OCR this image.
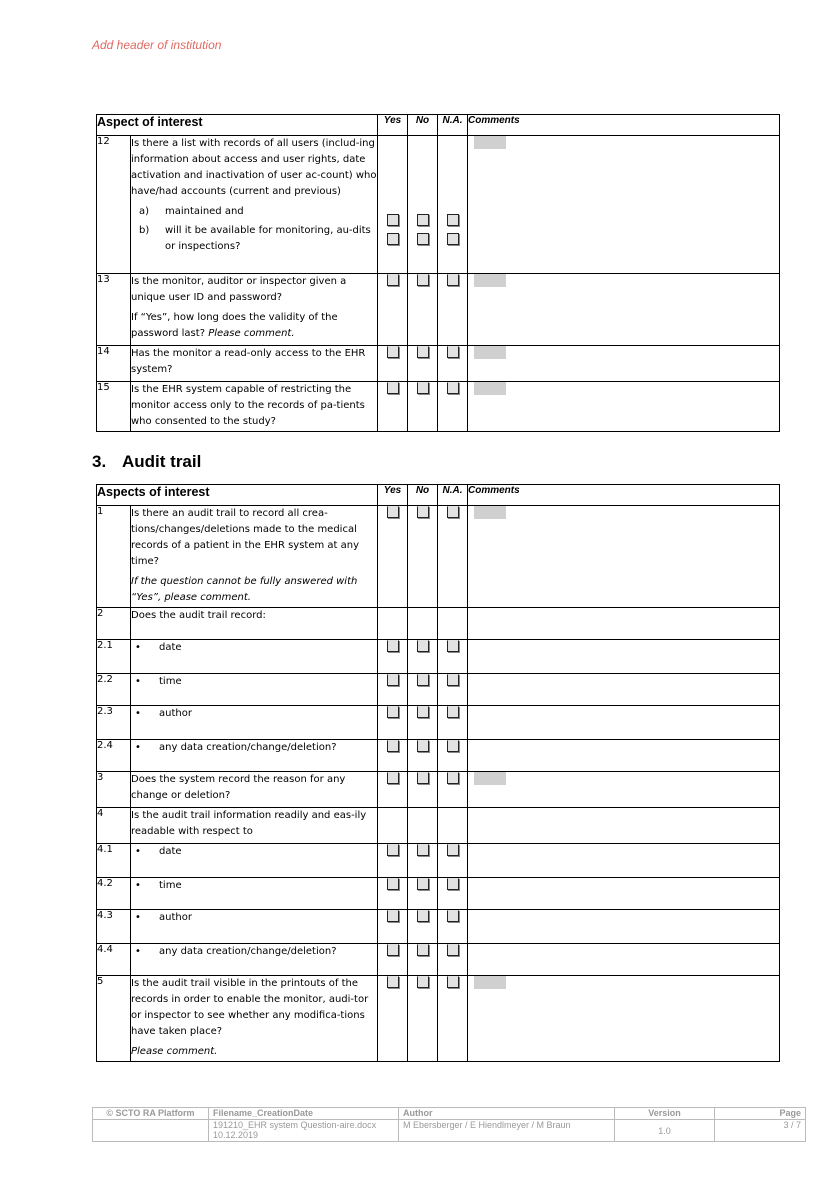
Add header of institution
Aspect of interest		Yes	No	N.A.	Comments
12	Is there a list with records of all users (includ-ing information about access and user rights, date activation and inactivation of user ac-count) who have/had accounts (current and previous)

a) maintained and
b) will it be available for monitoring, au-dits or inspections?				

13	Is the monitor, auditor or inspector given a unique user ID and password?

If “Yes”, how long does the validity of the password last? Please comment.				

14	Has the monitor a read-only access to the EHR system?	

15	Is the EHR system capable of restricting the monitor access only to the records of pa-tients who consented to the study?	

3. Audit trail
Aspects of interest		Yes	No	N.A.	Comments
1	Is there an audit trail to record all crea-tions/changes/deletions made to the medical records of a patient in the EHR system at any time?

If the question cannot be fully answered with “Yes”, please comment.				

2	Does the audit trail record:				
2.1	• date				

2.2	• time				

2.3	• author				

2.4	• any data creation/change/deletion?				

3	Does the system record the reason for any change or deletion?	

4	Is the audit trail information readily and eas-ily readable with respect to				
4.1	• date				

4.2	• time				

4.3	• author				

4.4	• any data creation/change/deletion?				

5	Is the audit trail visible in the printouts of the records in order to enable the monitor, audi-tor or inspector to see whether any modifica-tions have taken place?

Please comment.				

© SCTO RA Platform	Filename_CreationDate	Author	Version	Page
	191210_EHR system Question-aire.docx 10.12.2019	M Ebersberger / E Hiendlmeyer / M Braun	1.0	3 / 7
